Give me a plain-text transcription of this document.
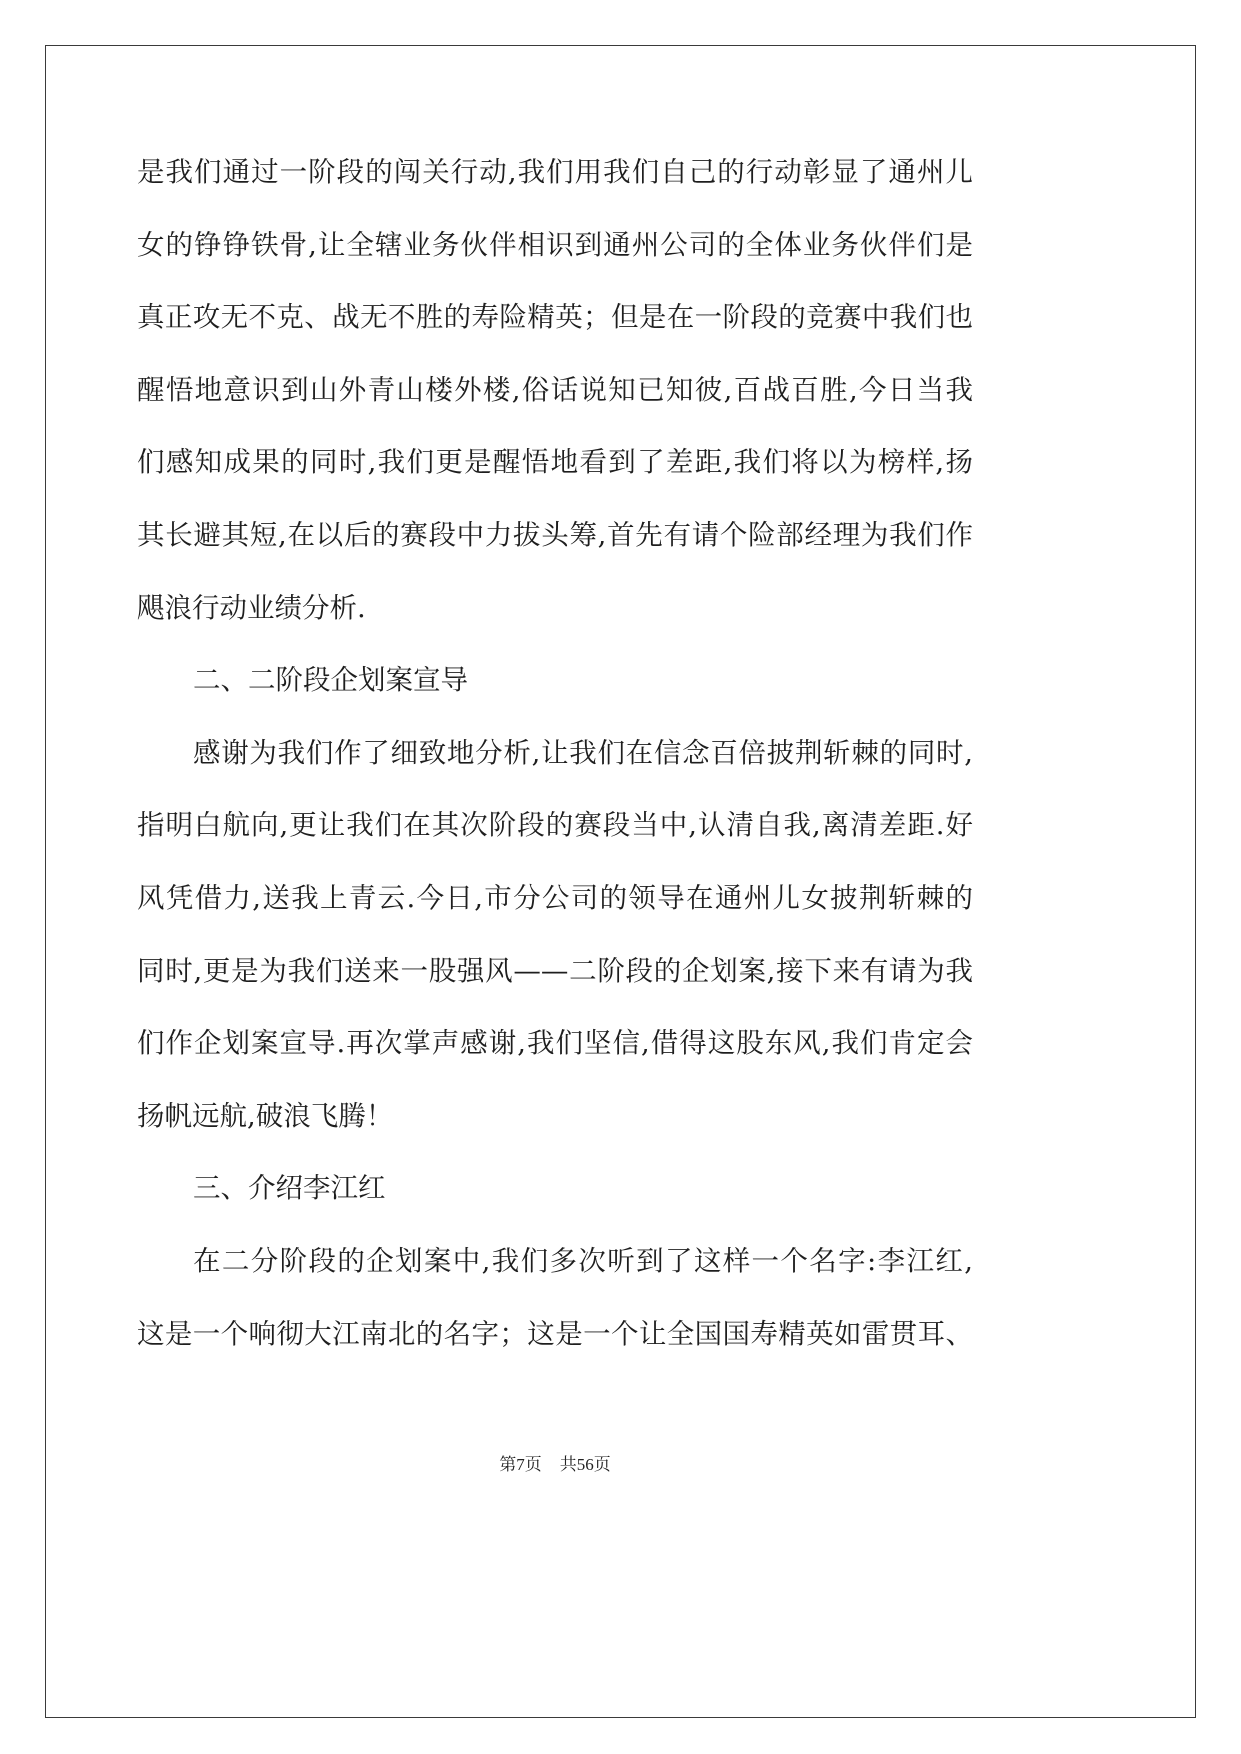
是我们通过一阶段的闯关行动,我们用我们自己的行动彰显了通州儿
女的铮铮铁骨,让全辖业务伙伴相识到通州公司的全体业务伙伴们是
真正攻无不克、战无不胜的寿险精英；但是在一阶段的竞赛中我们也
醒悟地意识到山外青山楼外楼,俗话说知已知彼,百战百胜,今日当我
们感知成果的同时,我们更是醒悟地看到了差距,我们将以为榜样,扬
其长避其短,在以后的赛段中力拔头筹,首先有请个险部经理为我们作
飓浪行动业绩分析.
二、二阶段企划案宣导
感谢为我们作了细致地分析,让我们在信念百倍披荆斩棘的同时,
指明白航向,更让我们在其次阶段的赛段当中,认清自我,离清差距.好
风凭借力,送我上青云.今日,市分公司的领导在通州儿女披荆斩棘的
同时,更是为我们送来一股强风——二阶段的企划案,接下来有请为我
们作企划案宣导.再次掌声感谢,我们坚信,借得这股东风,我们肯定会
扬帆远航,破浪飞腾！
三、介绍李江红
在二分阶段的企划案中,我们多次听到了这样一个名字:李江红,
这是一个响彻大江南北的名字；这是一个让全国国寿精英如雷贯耳、
第7页 共56页
